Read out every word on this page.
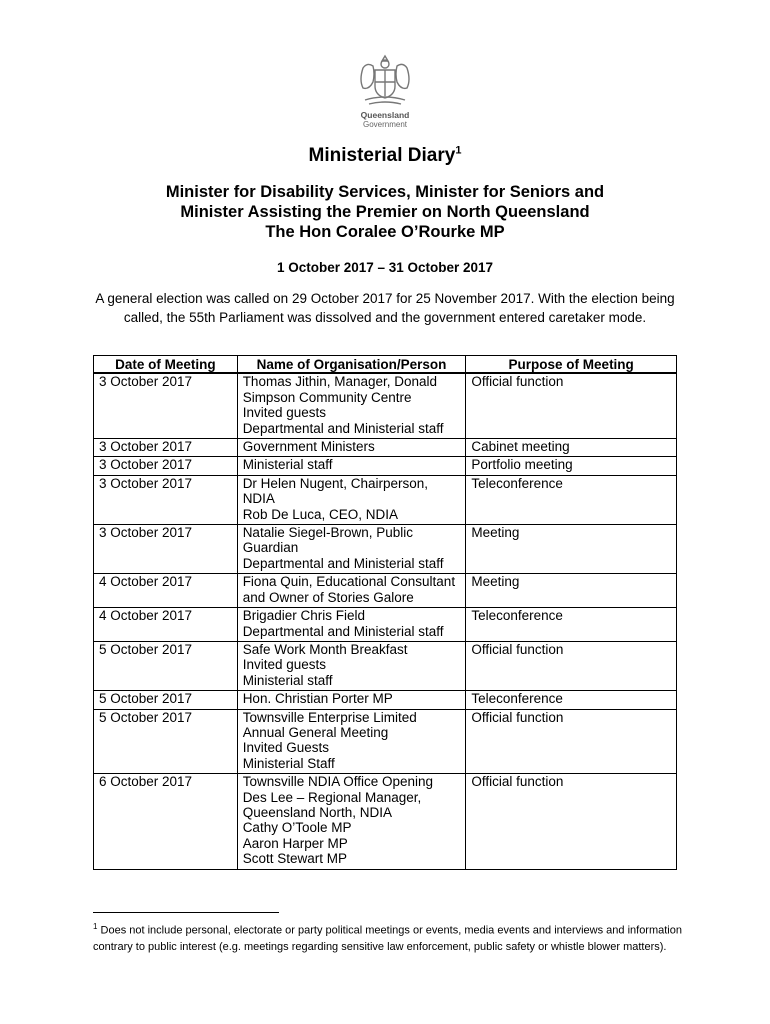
Queensland
Government
Ministerial Diary$^1$
Minister for Disability Services, Minister for Seniors and
Minister Assisting the Premier on North Queensland
The Hon Coralee O’Rourke MP
1 October 2017 – 31 October 2017
A general election was called on 29 October 2017 for 25 November 2017. With the election being called, the 55th Parliament was dissolved and the government entered caretaker mode.
Date of Meeting	Name of Organisation/Person	Purpose of Meeting
3 October 2017	Thomas Jithin, Manager, Donald Simpson Community Centre
Invited guests
Departmental and Ministerial staff	Official function
3 October 2017	Government Ministers	Cabinet meeting
3 October 2017	Ministerial staff	Portfolio meeting
3 October 2017	Dr Helen Nugent, Chairperson, NDIA
Rob De Luca, CEO, NDIA	Teleconference
3 October 2017	Natalie Siegel-Brown, Public Guardian
Departmental and Ministerial staff	Meeting
4 October 2017	Fiona Quin, Educational Consultant and Owner of Stories Galore	Meeting
4 October 2017	Brigadier Chris Field
Departmental and Ministerial staff	Teleconference
5 October 2017	Safe Work Month Breakfast
Invited guests
Ministerial staff	Official function
5 October 2017	Hon. Christian Porter MP	Teleconference
5 October 2017	Townsville Enterprise Limited Annual General Meeting
Invited Guests
Ministerial Staff	Official function
6 October 2017	Townsville NDIA Office Opening
Des Lee – Regional Manager, Queensland North, NDIA
Cathy O’Toole MP
Aaron Harper MP
Scott Stewart MP	Official function
$^1$ Does not include personal, electorate or party political meetings or events, media events and interviews and information contrary to public interest (e.g. meetings regarding sensitive law enforcement, public safety or whistle blower matters).
